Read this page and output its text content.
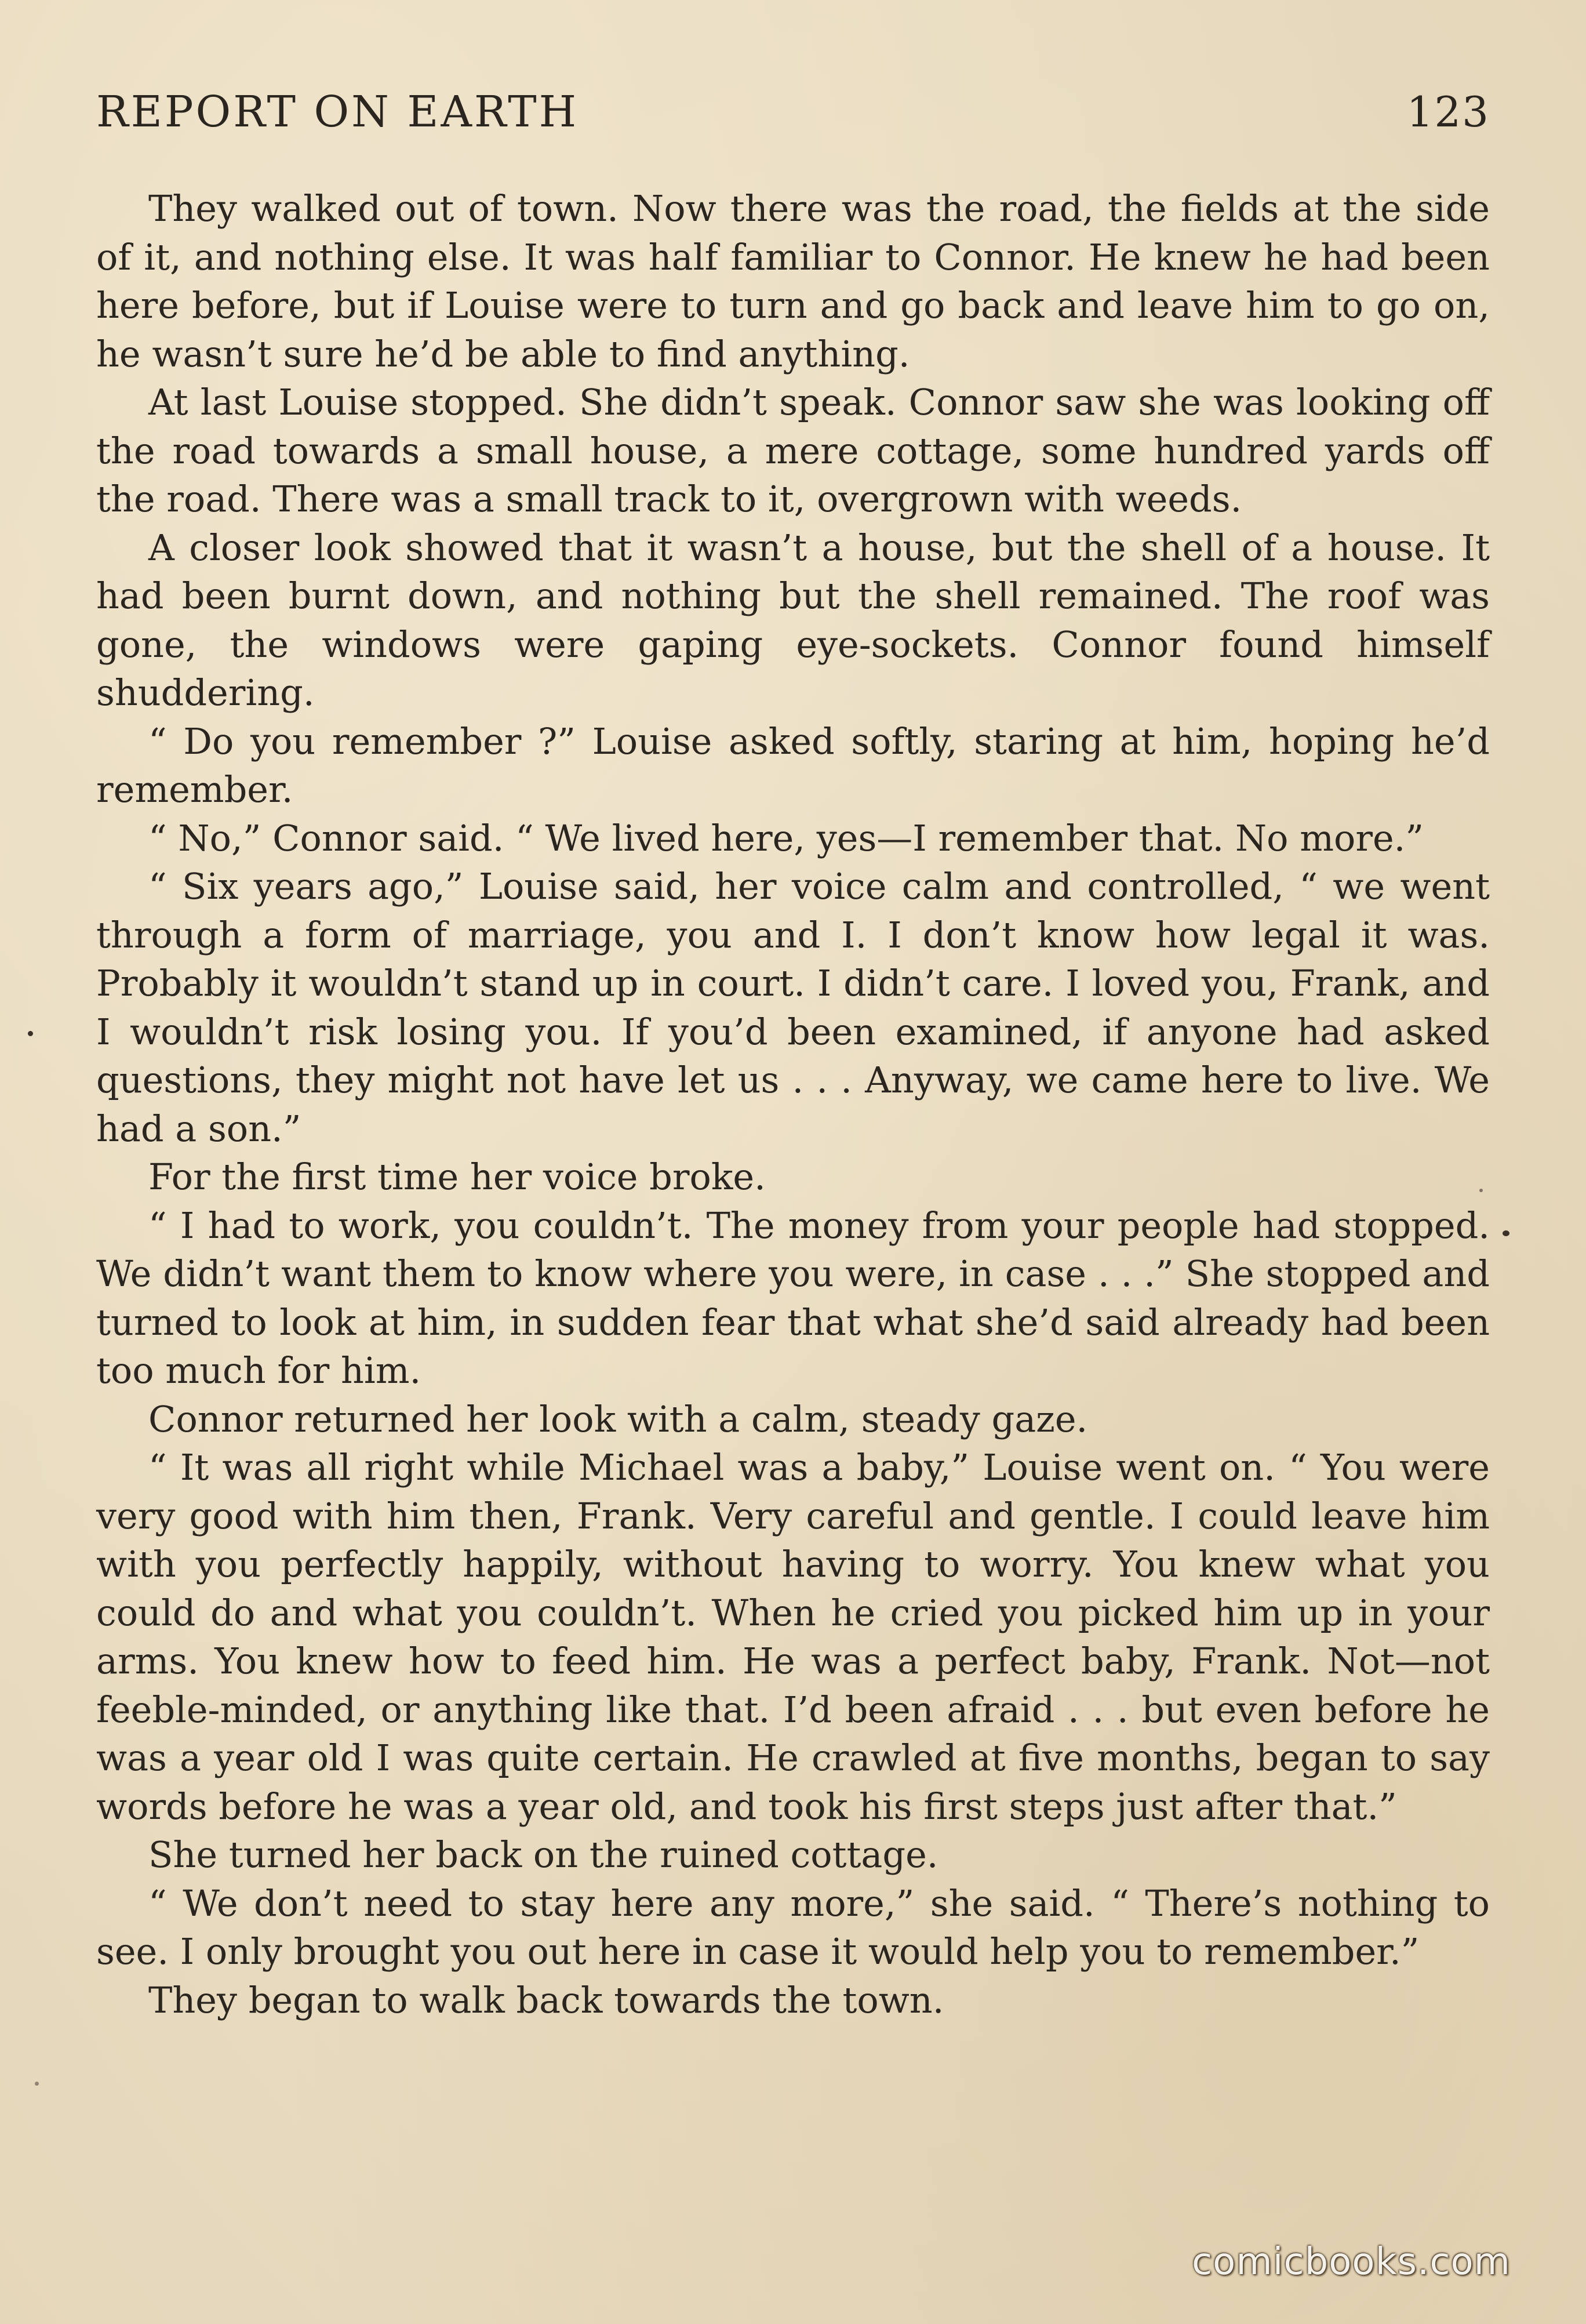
REPORT ON EARTH	123

They walked out of town. Now there was the road, the fields at the side of it, and nothing else. It was half familiar to Connor. He knew he had been here before, but if Louise were to turn and go back and leave him to go on, he wasn’t sure he’d be able to find anything.

At last Louise stopped. She didn’t speak. Connor saw she was looking off the road towards a small house, a mere cottage, some hundred yards off the road. There was a small track to it, overgrown with weeds.

A closer look showed that it wasn’t a house, but the shell of a house. It had been burnt down, and nothing but the shell remained. The roof was gone, the windows were gaping eye-sockets. Connor found himself shuddering.

“ Do you remember ?” Louise asked softly, staring at him, hoping he’d remember.

“ No,” Connor said. “ We lived here, yes—I remember that. No more.”

“ Six years ago,” Louise said, her voice calm and controlled, “ we went through a form of marriage, you and I. I don’t know how legal it was. Probably it wouldn’t stand up in court. I didn’t care. I loved you, Frank, and I wouldn’t risk losing you. If you’d been examined, if anyone had asked questions, they might not have let us . . . Anyway, we came here to live. We had a son.”

For the first time her voice broke.

“ I had to work, you couldn’t. The money from your people had stopped. We didn’t want them to know where you were, in case . . .” She stopped and turned to look at him, in sudden fear that what she’d said already had been too much for him.

Connor returned her look with a calm, steady gaze.

“ It was all right while Michael was a baby,” Louise went on. “ You were very good with him then, Frank. Very careful and gentle. I could leave him with you perfectly happily, without having to worry. You knew what you could do and what you couldn’t. When he cried you picked him up in your arms. You knew how to feed him. He was a perfect baby, Frank. Not—not feeble-minded, or anything like that. I’d been afraid . . . but even before he was a year old I was quite certain. He crawled at five months, began to say words before he was a year old, and took his first steps just after that.”

She turned her back on the ruined cottage.

“ We don’t need to stay here any more,” she said. “ There’s nothing to see. I only brought you out here in case it would help you to remember.”

They began to walk back towards the town.

comicbooks.com
